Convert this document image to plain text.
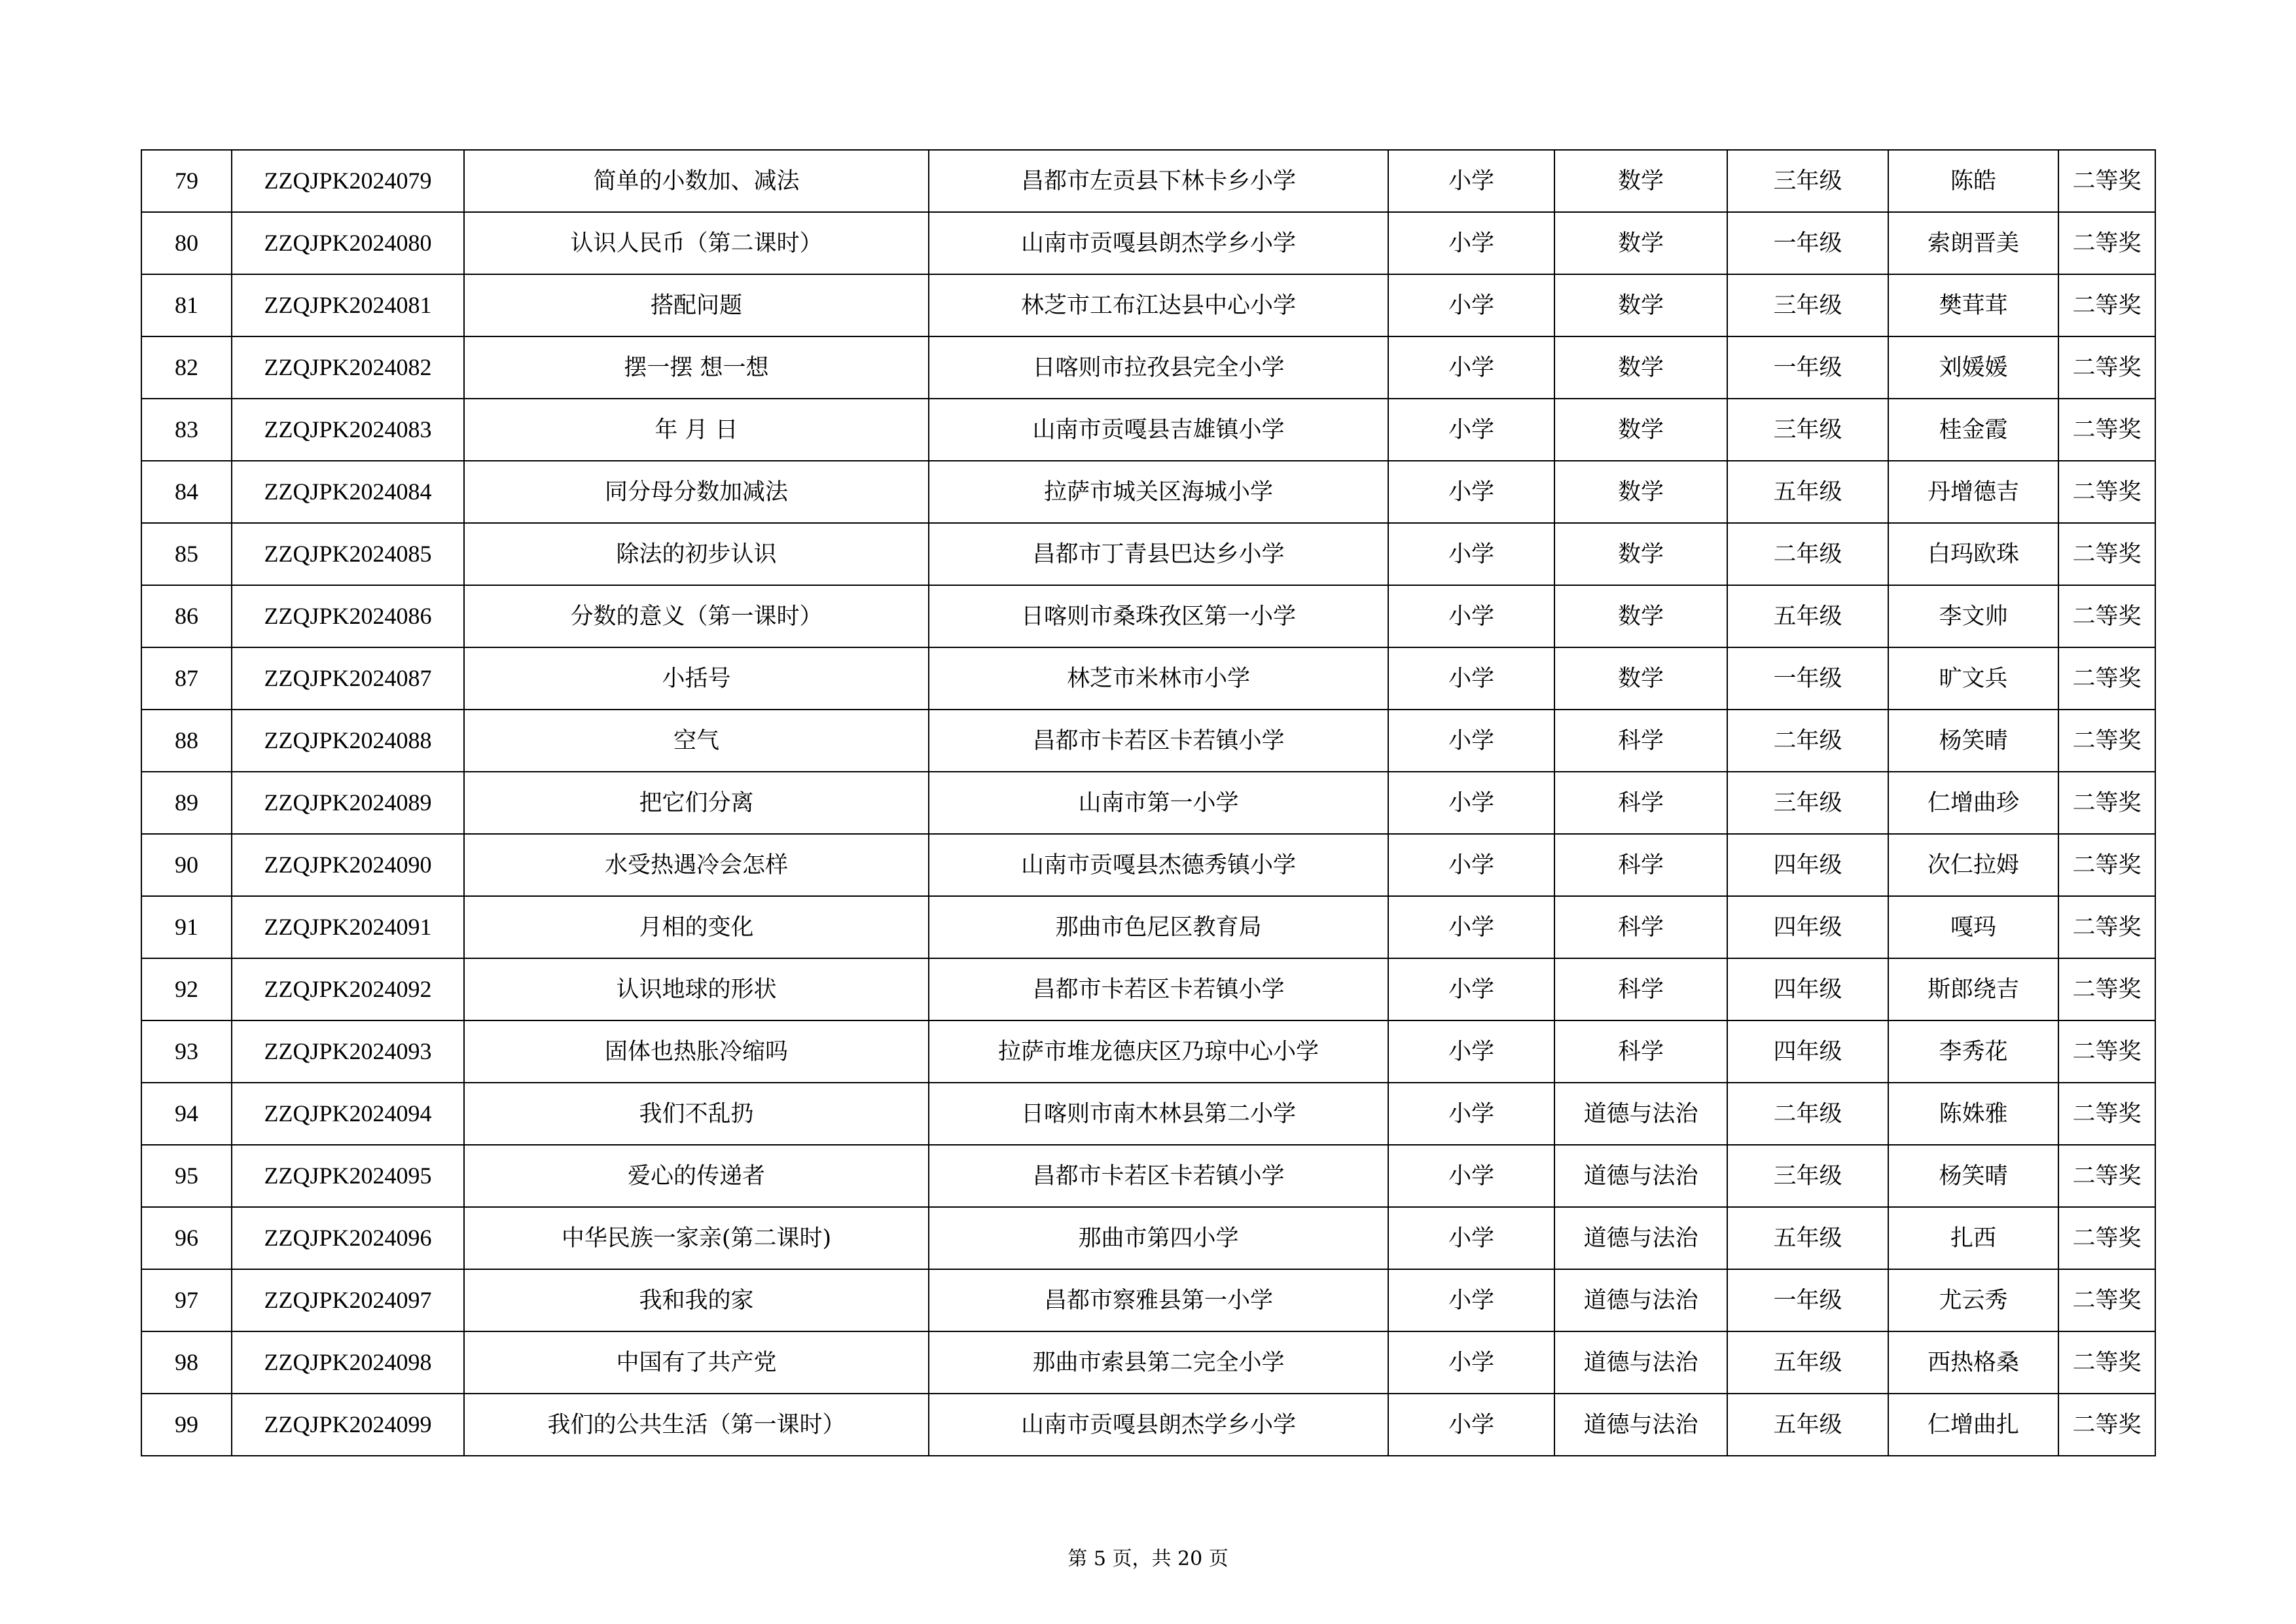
79	ZZQJPK2024079	简单的小数加、减法	昌都市左贡县下林卡乡小学	小学	数学	三年级	陈皓	二等奖
80	ZZQJPK2024080	认识人民币（第二课时）	山南市贡嘎县朗杰学乡小学	小学	数学	一年级	索朗晋美	二等奖
81	ZZQJPK2024081	搭配问题	林芝市工布江达县中心小学	小学	数学	三年级	樊茸茸	二等奖
82	ZZQJPK2024082	摆一摆 想一想	日喀则市拉孜县完全小学	小学	数学	一年级	刘媛媛	二等奖
83	ZZQJPK2024083	年 月 日	山南市贡嘎县吉雄镇小学	小学	数学	三年级	桂金霞	二等奖
84	ZZQJPK2024084	同分母分数加减法	拉萨市城关区海城小学	小学	数学	五年级	丹增德吉	二等奖
85	ZZQJPK2024085	除法的初步认识	昌都市丁青县巴达乡小学	小学	数学	二年级	白玛欧珠	二等奖
86	ZZQJPK2024086	分数的意义（第一课时）	日喀则市桑珠孜区第一小学	小学	数学	五年级	李文帅	二等奖
87	ZZQJPK2024087	小括号	林芝市米林市小学	小学	数学	一年级	旷文兵	二等奖
88	ZZQJPK2024088	空气	昌都市卡若区卡若镇小学	小学	科学	二年级	杨笑晴	二等奖
89	ZZQJPK2024089	把它们分离	山南市第一小学	小学	科学	三年级	仁增曲珍	二等奖
90	ZZQJPK2024090	水受热遇冷会怎样	山南市贡嘎县杰德秀镇小学	小学	科学	四年级	次仁拉姆	二等奖
91	ZZQJPK2024091	月相的变化	那曲市色尼区教育局	小学	科学	四年级	嘎玛	二等奖
92	ZZQJPK2024092	认识地球的形状	昌都市卡若区卡若镇小学	小学	科学	四年级	斯郎绕吉	二等奖
93	ZZQJPK2024093	固体也热胀冷缩吗	拉萨市堆龙德庆区乃琼中心小学	小学	科学	四年级	李秀花	二等奖
94	ZZQJPK2024094	我们不乱扔	日喀则市南木林县第二小学	小学	道德与法治	二年级	陈姝雅	二等奖
95	ZZQJPK2024095	爱心的传递者	昌都市卡若区卡若镇小学	小学	道德与法治	三年级	杨笑晴	二等奖
96	ZZQJPK2024096	中华民族一家亲(第二课时)	那曲市第四小学	小学	道德与法治	五年级	扎西	二等奖
97	ZZQJPK2024097	我和我的家	昌都市察雅县第一小学	小学	道德与法治	一年级	尤云秀	二等奖
98	ZZQJPK2024098	中国有了共产党	那曲市索县第二完全小学	小学	道德与法治	五年级	西热格桑	二等奖
99	ZZQJPK2024099	我们的公共生活（第一课时）	山南市贡嘎县朗杰学乡小学	小学	道德与法治	五年级	仁增曲扎	二等奖
第 5 页，共 20 页
